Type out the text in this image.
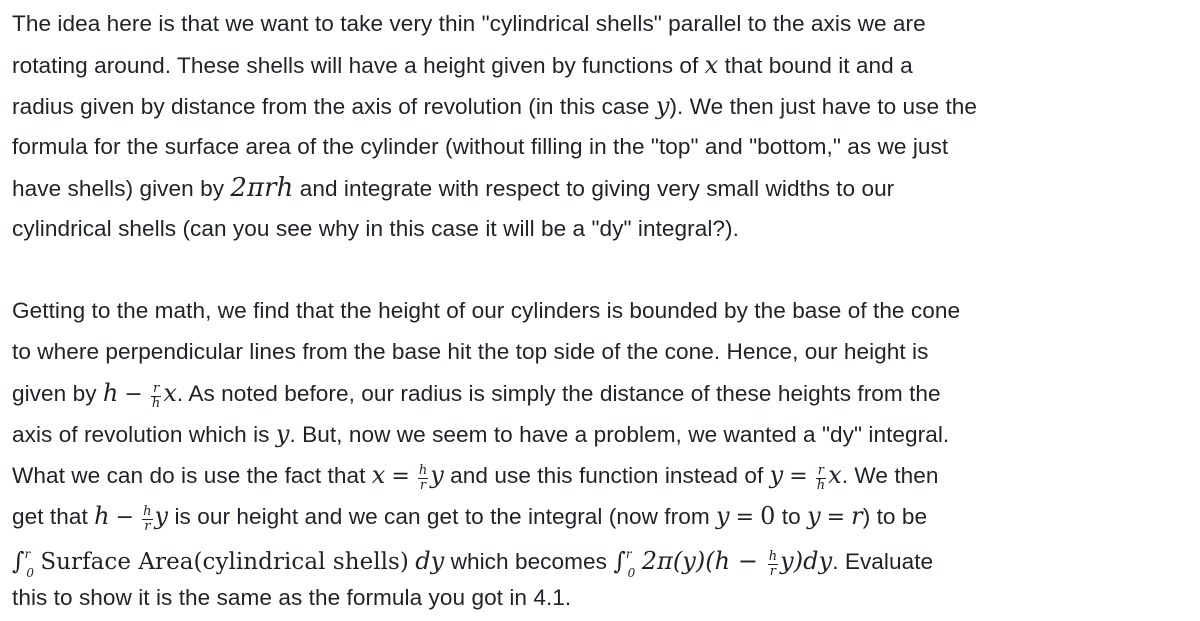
The idea here is that we want to take very thin "cylindrical shells" parallel to the axis we are
rotating around. These shells will have a height given by functions of x that bound it and a
radius given by distance from the axis of revolution (in this case y). We then just have to use the
formula for the surface area of the cylinder (without filling in the "top" and "bottom," as we just
have shells) given by 2πrh and integrate with respect to giving very small widths to our
cylindrical shells (can you see why in this case it will be a "dy" integral?).
Getting to the math, we find that the height of our cylinders is bounded by the base of the cone
to where perpendicular lines from the base hit the top side of the cone. Hence, our height is
given by $h - \frac{r}{h} x$. As noted before, our radius is simply the distance of these heights from the
axis of revolution which is y. But, now we seem to have a problem, we wanted a "dy" integral.
What we can do is use the fact that $x = \frac{h}{r}$ y and use this function instead of $y = \frac{r}{h} x$. We then
get that $h - \frac{h}{r}$ y is our height and we can get to the integral (now from y = 0 to y = r) to be
∫$^r_0$ Surface Area(cylindrical shells) dy which becomes ∫$^r_0$ $2\pi(y)(h - \frac{h}{r} y)dy$. Evaluate
this to show it is the same as the formula you got in 4.1.
